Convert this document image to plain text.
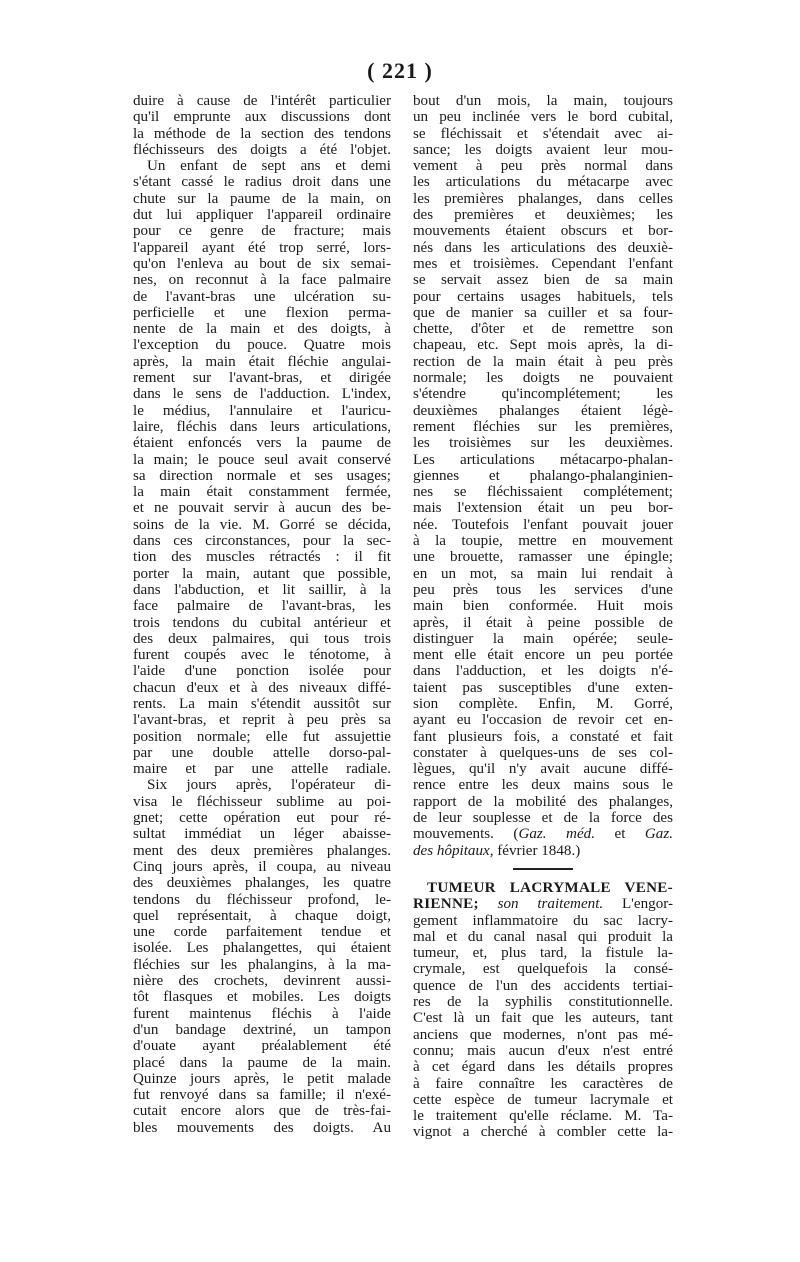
( 221 )
duire à cause de l'intérêt particulier
qu'il emprunte aux discussions dont
la méthode de la section des tendons
fléchisseurs des doigts a été l'objet.
Un enfant de sept ans et demi
s'étant cassé le radius droit dans une
chute sur la paume de la main, on
dut lui appliquer l'appareil ordinaire
pour ce genre de fracture; mais
l'appareil ayant été trop serré, lors-
qu'on l'enleva au bout de six semai-
nes, on reconnut à la face palmaire
de l'avant-bras une ulcération su-
perficielle et une flexion perma-
nente de la main et des doigts, à
l'exception du pouce. Quatre mois
après, la main était fléchie angulai-
rement sur l'avant-bras, et dirigée
dans le sens de l'adduction. L'index,
le médius, l'annulaire et l'auricu-
laire, fléchis dans leurs articulations,
étaient enfoncés vers la paume de
la main; le pouce seul avait conservé
sa direction normale et ses usages;
la main était constamment fermée,
et ne pouvait servir à aucun des be-
soins de la vie. M. Gorré se décida,
dans ces circonstances, pour la sec-
tion des muscles rétractés : il fit
porter la main, autant que possible,
dans l'abduction, et lit saillir, à la
face palmaire de l'avant-bras, les
trois tendons du cubital antérieur et
des deux palmaires, qui tous trois
furent coupés avec le ténotome, à
l'aide d'une ponction isolée pour
chacun d'eux et à des niveaux diffé-
rents. La main s'étendit aussitôt sur
l'avant-bras, et reprit à peu près sa
position normale; elle fut assujettie
par une double attelle dorso-pal-
maire et par une attelle radiale.
Six jours après, l'opérateur di-
visa le fléchisseur sublime au poi-
gnet; cette opération eut pour ré-
sultat immédiat un léger abaisse-
ment des deux premières phalanges.
Cinq jours après, il coupa, au niveau
des deuxièmes phalanges, les quatre
tendons du fléchisseur profond, le-
quel représentait, à chaque doigt,
une corde parfaitement tendue et
isolée. Les phalangettes, qui étaient
fléchies sur les phalangins, à la ma-
nière des crochets, devinrent aussi-
tôt flasques et mobiles. Les doigts
furent maintenus fléchis à l'aide
d'un bandage dextriné, un tampon
d'ouate ayant préalablement été
placé dans la paume de la main.
Quinze jours après, le petit malade
fut renvoyé dans sa famille; il n'exé-
cutait encore alors que de très-fai-
bles mouvements des doigts. Au
bout d'un mois, la main, toujours
un peu inclinée vers le bord cubital,
se fléchissait et s'étendait avec ai-
sance; les doigts avaient leur mou-
vement à peu près normal dans
les articulations du métacarpe avec
les premières phalanges, dans celles
des premières et deuxièmes; les
mouvements étaient obscurs et bor-
nés dans les articulations des deuxiè-
mes et troisièmes. Cependant l'enfant
se servait assez bien de sa main
pour certains usages habituels, tels
que de manier sa cuiller et sa four-
chette, d'ôter et de remettre son
chapeau, etc. Sept mois après, la di-
rection de la main était à peu près
normale; les doigts ne pouvaient
s'étendre qu'incomplétement; les
deuxièmes phalanges étaient légè-
rement fléchies sur les premières,
les troisièmes sur les deuxièmes.
Les articulations métacarpo-phalan-
giennes et phalango-phalanginien-
nes se fléchissaient complétement;
mais l'extension était un peu bor-
née. Toutefois l'enfant pouvait jouer
à la toupie, mettre en mouvement
une brouette, ramasser une épingle;
en un mot, sa main lui rendait à
peu près tous les services d'une
main bien conformée. Huit mois
après, il était à peine possible de
distinguer la main opérée; seule-
ment elle était encore un peu portée
dans l'adduction, et les doigts n'é-
taient pas susceptibles d'une exten-
sion complète. Enfin, M. Gorré,
ayant eu l'occasion de revoir cet en-
fant plusieurs fois, a constaté et fait
constater à quelques-uns de ses col-
lègues, qu'il n'y avait aucune diffé-
rence entre les deux mains sous le
rapport de la mobilité des phalanges,
de leur souplesse et de la force des
mouvements. (Gaz. méd. et Gaz.
des hôpitaux, février 1848.)
TUMEUR LACRYMALE VENE-
RIENNE; son traitement. L'engor-
gement inflammatoire du sac lacry-
mal et du canal nasal qui produit la
tumeur, et, plus tard, la fistule la-
crymale, est quelquefois la consé-
quence de l'un des accidents tertiai-
res de la syphilis constitutionnelle.
C'est là un fait que les auteurs, tant
anciens que modernes, n'ont pas mé-
connu; mais aucun d'eux n'est entré
à cet égard dans les détails propres
à faire connaître les caractères de
cette espèce de tumeur lacrymale et
le traitement qu'elle réclame. M. Ta-
vignot a cherché à combler cette la-
